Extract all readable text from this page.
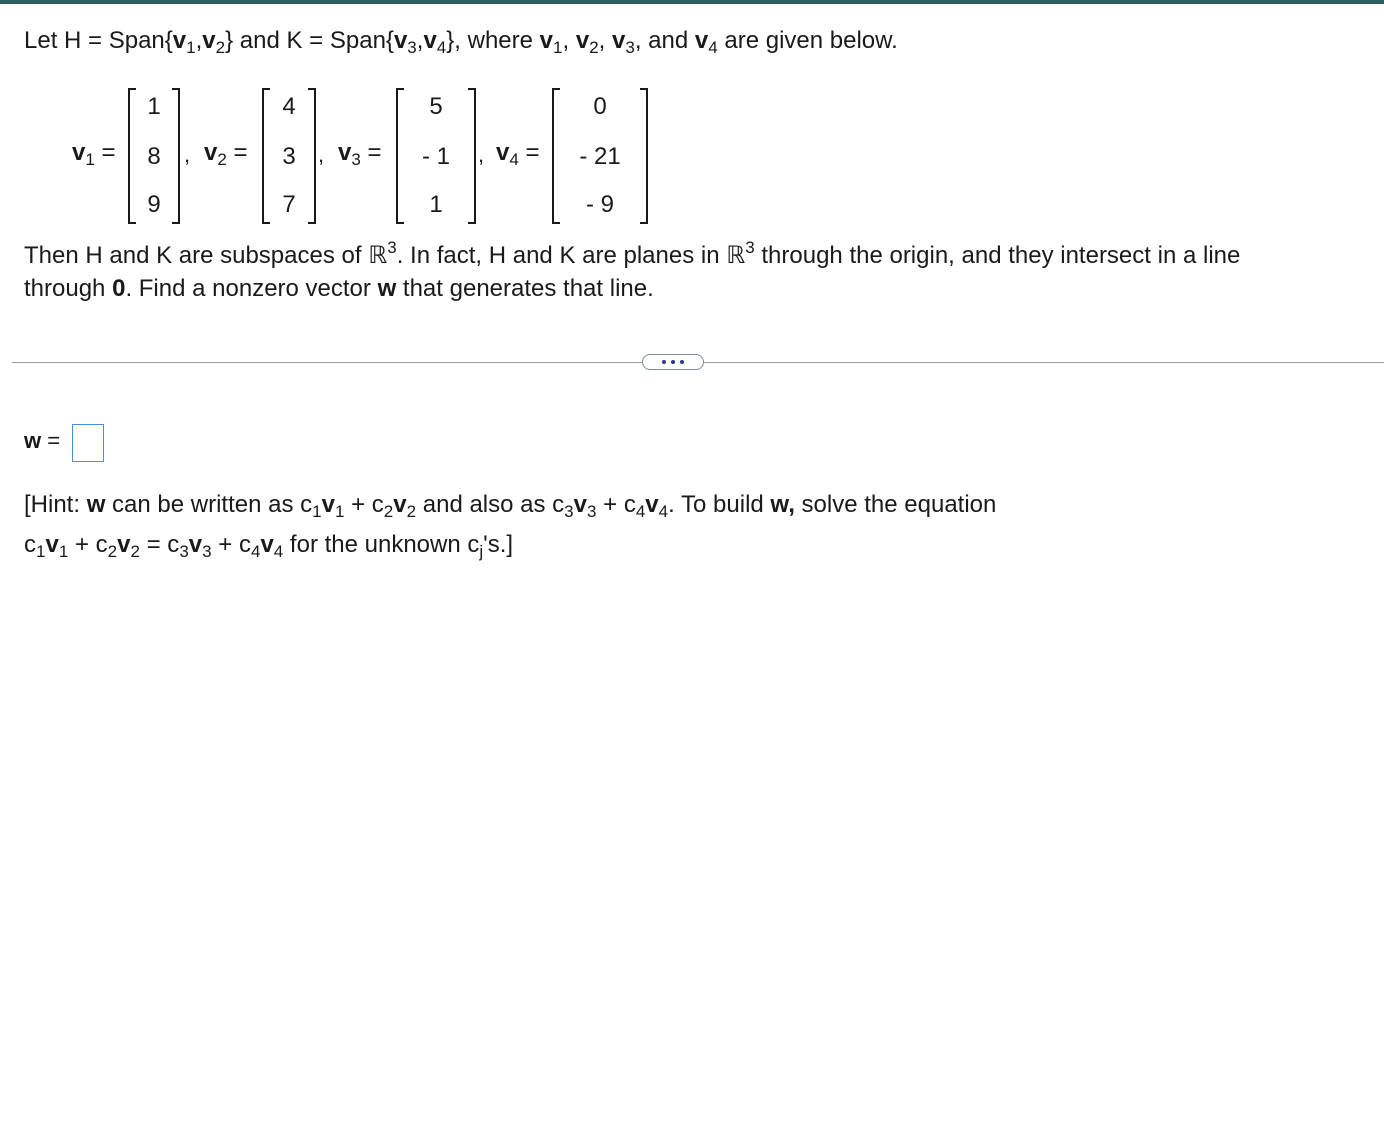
Let $H = Span\{v_1,v_2\}$ and $K = Span\{v_3,v_4\}$, where $v_1$, $v_2$, $v_3$, and $v_4$ are given below.
$v_1$ =
1
8
9
, $v_2$ =
4
3
7
, $v_3$ =
5
- 1
1
, $v_4$ =
0
- 21
- 9
Then H and K are subspaces of ℝ$^3$. In fact, H and K are planes in ℝ$^3$ through the origin, and they intersect in a line
through 0. Find a nonzero vector w that generates that line.
w =
[Hint: w can be written as $c_1v_1 + c_2v_2$ and also as $c_3v_3 + c_4v_4$. To build w, solve the equation
$c_1v_1 + c_2v_2 = c_3v_3 + c_4v_4$ for the unknown $c_j's$.]
